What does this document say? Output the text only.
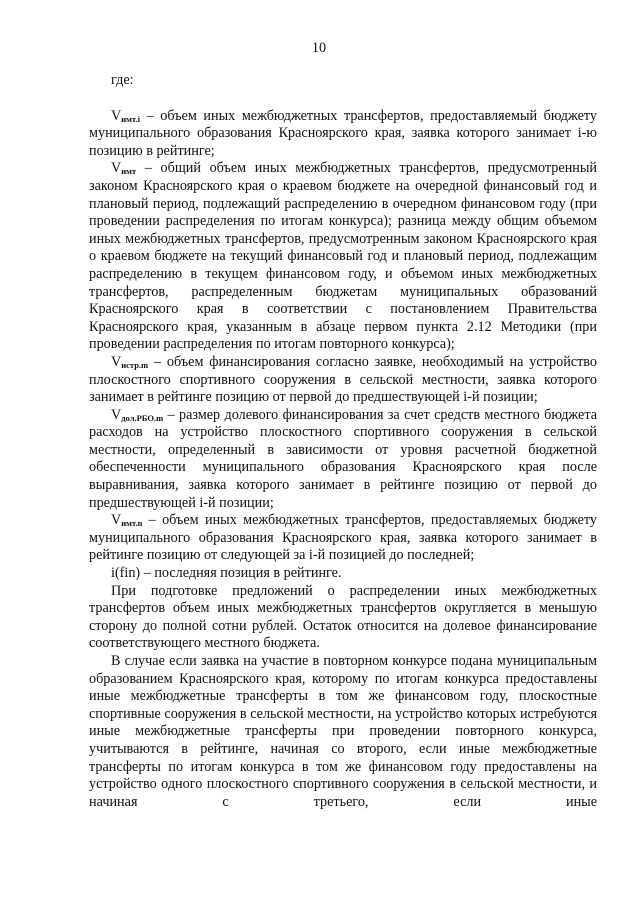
10
где:

$V_{имт.i}$ – объем иных межбюджетных трансфертов, предоставляемый бюджету муниципального образования Красноярского края, заявка которого занимает i-ю позицию в рейтинге;

$V_{имт}$ – общий объем иных межбюджетных трансфертов, предусмотренный законом Красноярского края о краевом бюджете на очередной финансовый год и плановый период, подлежащий распределению в очередном финансовом году (при проведении распределения по итогам конкурса); разница между общим объемом иных межбюджетных трансфертов, предусмотренным законом Красноярского края о краевом бюджете на текущий финансовый год и плановый период, подлежащим распределению в текущем финансовом году, и объемом иных межбюджетных трансфертов, распределенным бюджетам муниципальных образований Красноярского края в соответствии с постановлением Правительства Красноярского края, указанным в абзаце первом пункта 2.12 Методики (при проведении распределения по итогам повторного конкурса);

$V_{истр.m}$ – объем финансирования согласно заявке, необходимый на устройство плоскостного спортивного сооружения в сельской местности, заявка которого занимает в рейтинге позицию от первой до предшествующей i-й позиции;

$V_{дол.РБО.m}$ – размер долевого финансирования за счет средств местного бюджета расходов на устройство плоскостного спортивного сооружения в сельской местности, определенный в зависимости от уровня расчетной бюджетной обеспеченности муниципального образования Красноярского края после выравнивания, заявка которого занимает в рейтинге позицию от первой до предшествующей i-й позиции;

$V_{имт.n}$ – объем иных межбюджетных трансфертов, предоставляемых бюджету муниципального образования Красноярского края, заявка которого занимает в рейтинге позицию от следующей за i-й позицией до последней;

i(fin) – последняя позиция в рейтинге.

При подготовке предложений о распределении иных межбюджетных трансфертов объем иных межбюджетных трансфертов округляется в меньшую сторону до полной сотни рублей. Остаток относится на долевое финансирование соответствующего местного бюджета.

В случае если заявка на участие в повторном конкурсе подана муниципальным образованием Красноярского края, которому по итогам конкурса предоставлены иные межбюджетные трансферты в том же финансовом году, плоскостные спортивные сооружения в сельской местности, на устройство которых истребуются иные межбюджетные трансферты при проведении повторного конкурса, учитываются в рейтинге, начиная со второго, если иные межбюджетные трансферты по итогам конкурса в том же финансовом году предоставлены на устройство одного плоскостного спортивного сооружения в сельской местности, и начиная с третьего, если иные
